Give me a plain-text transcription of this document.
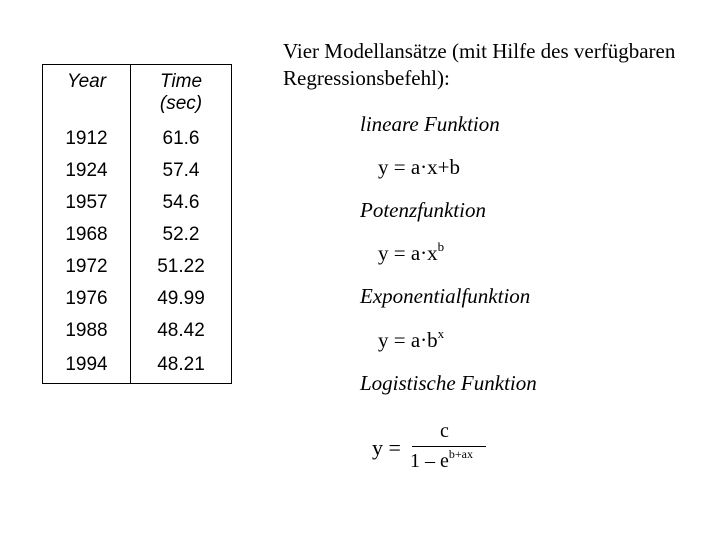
Year	Time
(sec)
1912	61.6
1924	57.4
1957	54.6
1968	52.2
1972	51.22
1976	49.99
1988	48.42
1994	48.21
Vier Modellansätze (mit Hilfe des verfügbaren Regressionsbefehl):
lineare Funktion
y = a·x+b
Potenzfunktion
$y = a\cdot x^b$
Exponentialfunktion
$y = a\cdot b^x$
Logistische Funktion
y =
c
$1 - e^{b+ax}$
